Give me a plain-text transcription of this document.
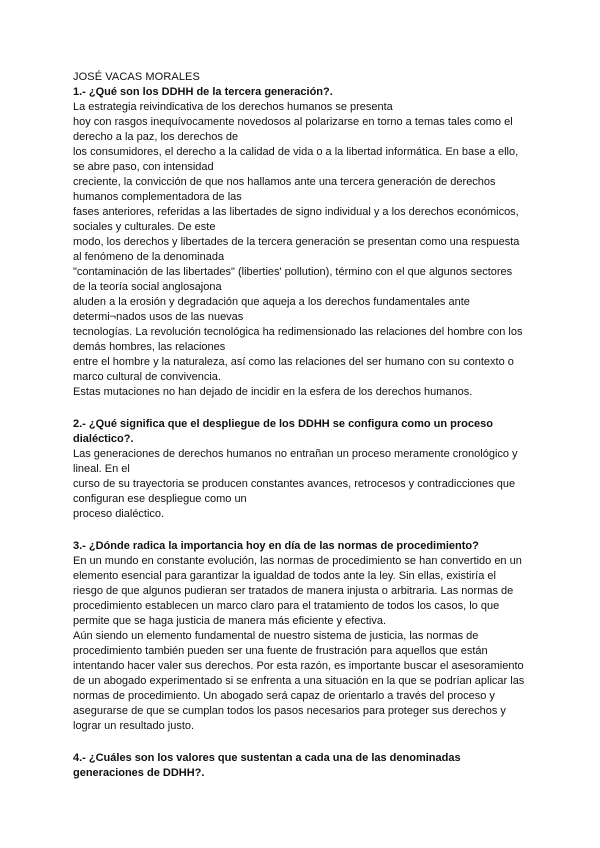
JOSÉ VACAS MORALES

1.- ¿Qué son los DDHH de la tercera generación?.

La estrategia reivindicativa de los derechos humanos se presenta

hoy con rasgos inequívocamente novedosos al polarizarse en torno a temas tales como el

derecho a la paz, los derechos de

los consumidores, el derecho a la calidad de vida o a la libertad informática. En base a ello,

se abre paso, con intensidad

creciente, la convicción de que nos hallamos ante una tercera generación de derechos

humanos complementadora de las

fases anteriores, referidas a las libertades de signo individual y a los derechos económicos,

sociales y culturales. De este

modo, los derechos y libertades de la tercera generación se presentan como una respuesta

al fenómeno de la denominada

"contaminación de las libertades" (liberties' pollution), término con el que algunos sectores

de la teoría social anglosajona

aluden a la erosión y degradación que aqueja a los derechos fundamentales ante

determi¬nados usos de las nuevas

tecnologías. La revolución tecnológica ha redimensionado las relaciones del hombre con los

demás hombres, las relaciones

entre el hombre y la naturaleza, así como las relaciones del ser humano con su contexto o

marco cultural de convivencia.

Estas mutaciones no han dejado de incidir en la esfera de los derechos humanos.

2.- ¿Qué significa que el despliegue de los DDHH se configura como un proceso

dialéctico?.

Las generaciones de derechos humanos no entrañan un proceso meramente cronológico y

lineal. En el

curso de su trayectoria se producen constantes avances, retrocesos y contradicciones que

configuran ese despliegue como un

proceso dialéctico.

3.- ¿Dónde radica la importancia hoy en día de las normas de procedimiento?

En un mundo en constante evolución, las normas de procedimiento se han convertido en un

elemento esencial para garantizar la igualdad de todos ante la ley. Sin ellas, existiría el

riesgo de que algunos pudieran ser tratados de manera injusta o arbitraria. Las normas de

procedimiento establecen un marco claro para el tratamiento de todos los casos, lo que

permite que se haga justicia de manera más eficiente y efectiva.

Aún siendo un elemento fundamental de nuestro sistema de justicia, las normas de

procedimiento también pueden ser una fuente de frustración para aquellos que están

intentando hacer valer sus derechos. Por esta razón, es importante buscar el asesoramiento

de un abogado experimentado si se enfrenta a una situación en la que se podrían aplicar las

normas de procedimiento. Un abogado será capaz de orientarlo a través del proceso y

asegurarse de que se cumplan todos los pasos necesarios para proteger sus derechos y

lograr un resultado justo.

4.- ¿Cuáles son los valores que sustentan a cada una de las denominadas

generaciones de DDHH?.
